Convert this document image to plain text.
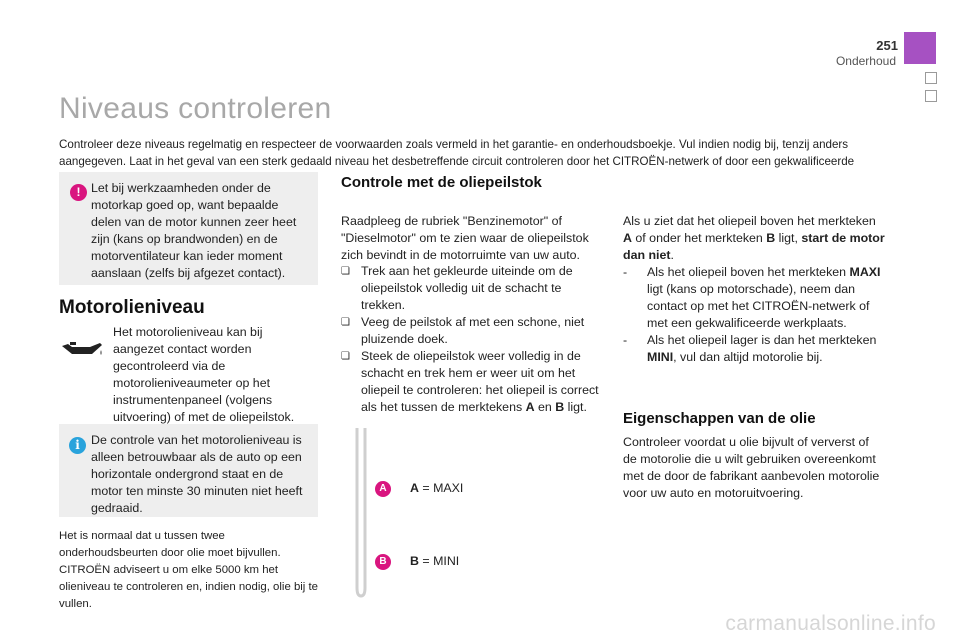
251
Onderhoud
Niveaus controleren
Controleer deze niveaus regelmatig en respecteer de voorwaarden zoals vermeld in het garantie- en onderhoudsboekje. Vul indien nodig bij, tenzij anders aangegeven. Laat in het geval van een sterk gedaald niveau het desbetreffende circuit controleren door het CITROËN-netwerk of door een gekwalificeerde
! Let bij werkzaamheden onder de motorkap goed op, want bepaalde delen van de motor kunnen zeer heet zijn (kans op brandwonden) en de motorventilateur kan ieder moment aanslaan (zelfs bij afgezet contact).
Motorolieniveau
Het motorolieniveau kan bij aangezet contact worden gecontroleerd via de motorolieniveaumeter op het instrumentenpaneel (volgens uitvoering) of met de oliepeilstok.
i De controle van het motorolieniveau is alleen betrouwbaar als de auto op een horizontale ondergrond staat en de motor ten minste 30 minuten niet heeft gedraaid.
Het is normaal dat u tussen twee onderhoudsbeurten door olie moet bijvullen. CITROËN adviseert u om elke 5000 km het olieniveau te controleren en, indien nodig, olie bij te vullen.
Controle met de oliepeilstok
Raadpleeg de rubriek "Benzinemotor" of "Dieselmotor" om te zien waar de oliepeilstok zich bevindt in de motorruimte van uw auto.
❏ Trek aan het gekleurde uiteinde om de oliepeilstok volledig uit de schacht te trekken.
❏ Veeg de peilstok af met een schone, niet pluizende doek.
❏ Steek de oliepeilstok weer volledig in de schacht en trek hem er weer uit om het oliepeil te controleren: het oliepeil is correct als het tussen de merktekens A en B ligt.
A	A = MAXI
B	B = MINI
Als u ziet dat het oliepeil boven het merkteken A of onder het merkteken B ligt, start de motor dan niet.
- Als het oliepeil boven het merkteken MAXI ligt (kans op motorschade), neem dan contact op met het CITROËN-netwerk of met een gekwalificeerde werkplaats.
- Als het oliepeil lager is dan het merkteken MINI, vul dan altijd motorolie bij.
Eigenschappen van de olie
Controleer voordat u olie bijvult of ververst of de motorolie die u wilt gebruiken overeenkomt met de door de fabrikant aanbevolen motorolie voor uw auto en motoruitvoering.
carmanualsonline.info
